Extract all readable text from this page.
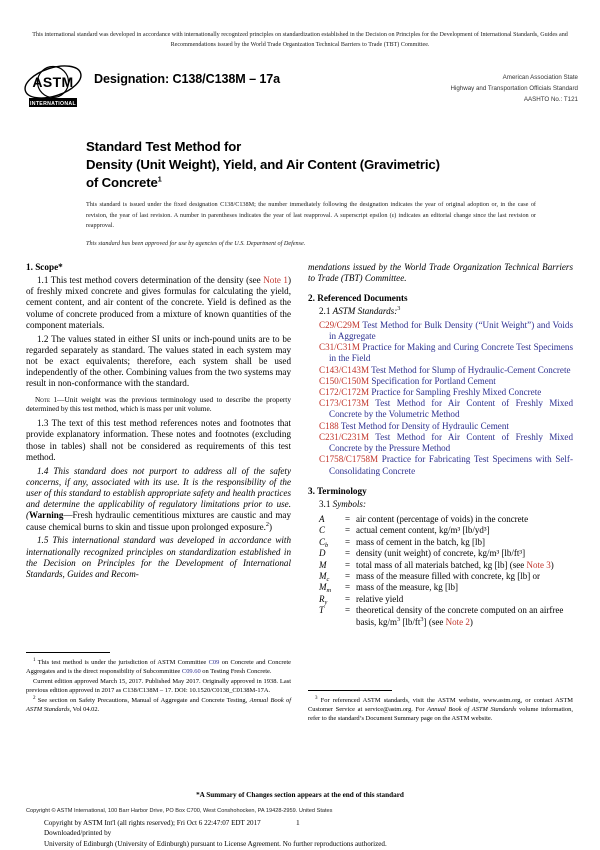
This international standard was developed in accordance with internationally recognized principles on standardization established in the Decision on Principles for the Development of International Standards, Guides and Recommendations issued by the World Trade Organization Technical Barriers to Trade (TBT) Committee.
ASTM
INTERNATIONAL
Designation: C138/C138M – 17a	American Association State
Highway and Transportation Officials Standard
AASHTO No.: T121
Standard Test Method for
Density (Unit Weight), Yield, and Air Content (Gravimetric)
of Concrete$^1$
This standard is issued under the fixed designation C138/C138M; the number immediately following the designation indicates the year of original adoption or, in the case of revision, the year of last revision. A number in parentheses indicates the year of last reapproval. A superscript epsilon (ε) indicates an editorial change since the last revision or reapproval.
This standard has been approved for use by agencies of the U.S. Department of Defense.
1. Scope*

1.1 This test method covers determination of the density (see Note 1) of freshly mixed concrete and gives formulas for calculating the yield, cement content, and air content of the concrete. Yield is defined as the volume of concrete produced from a mixture of known quantities of the component materials.

1.2 The values stated in either SI units or inch-pound units are to be regarded separately as standard. The values stated in each system may not be exact equivalents; therefore, each system shall be used independently of the other. Combining values from the two systems may result in non-conformance with the standard.

Note 1—Unit weight was the previous terminology used to describe the property determined by this test method, which is mass per unit volume.

1.3 The text of this test method references notes and footnotes that provide explanatory information. These notes and footnotes (excluding those in tables) shall not be considered as requirements of this test method.

1.4 This standard does not purport to address all of the safety concerns, if any, associated with its use. It is the responsibility of the user of this standard to establish appropriate safety and health practices and determine the applicability of regulatory limitations prior to use. (Warning—Fresh hydraulic cementitious mixtures are caustic and may cause chemical burns to skin and tissue upon prolonged exposure.$^2$)

1.5 This international standard was developed in accordance with internationally recognized principles on standardization established in the Decision on Principles for the Development of International Standards, Guides and Recom-

mendations issued by the World Trade Organization Technical Barriers to Trade (TBT) Committee.

2. Referenced Documents
2.1 ASTM Standards:$^3$
C29/C29M Test Method for Bulk Density (“Unit Weight”) and Voids in Aggregate
C31/C31M Practice for Making and Curing Concrete Test Specimens in the Field
C143/C143M Test Method for Slump of Hydraulic-Cement Concrete
C150/C150M Specification for Portland Cement
C172/C172M Practice for Sampling Freshly Mixed Concrete
C173/C173M Test Method for Air Content of Freshly Mixed Concrete by the Volumetric Method
C188 Test Method for Density of Hydraulic Cement
C231/C231M Test Method for Air Content of Freshly Mixed Concrete by the Pressure Method
C1758/C1758M Practice for Fabricating Test Specimens with Self-Consolidating Concrete
3. Terminology
3.1 Symbols:
A	=	air content (percentage of voids) in the concrete
C	=	actual cement content, kg/m³ [lb/yd³]
$C_b$	=	mass of cement in the batch, kg [lb]
D	=	density (unit weight) of concrete, kg/m³ [lb/ft³]
M	=	total mass of all materials batched, kg [lb] (see Note 3)
$M_c$	=	mass of the measure filled with concrete, kg [lb] or
$M_m$	=	mass of the measure, kg [lb]
$R_y$	=	relative yield
T	=	theoretical density of the concrete computed on an airfree basis, $kg/m^3$ $[lb/ft^3]$ (see Note 2)

$^1$ This test method is under the jurisdiction of ASTM Committee C09 on Concrete and Concrete Aggregates and is the direct responsibility of Subcommittee C09.60 on Testing Fresh Concrete.

Current edition approved March 15, 2017. Published May 2017. Originally approved in 1938. Last previous edition approved in 2017 as C138/C138M – 17. DOI: 10.1520/C0138_C0138M-17A.

$^2$ See section on Safety Precautions, Manual of Aggregate and Concrete Testing, Annual Book of ASTM Standards, Vol 04.02.

$^3$ For referenced ASTM standards, visit the ASTM website, www.astm.org, or contact ASTM Customer Service at service@astm.org. For Annual Book of ASTM Standards volume information, refer to the standard’s Document Summary page on the ASTM website.

*A Summary of Changes section appears at the end of this standard
Copyright © ASTM International, 100 Barr Harbor Drive, PO Box C700, West Conshohocken, PA 19428-2959. United States
Copyright by ASTM Int'l (all rights reserved); Fri Oct 6 22:47:07 EDT 2017
Downloaded/printed by
University of Edinburgh (University of Edinburgh) pursuant to License Agreement. No further reproductions authorized.
1
